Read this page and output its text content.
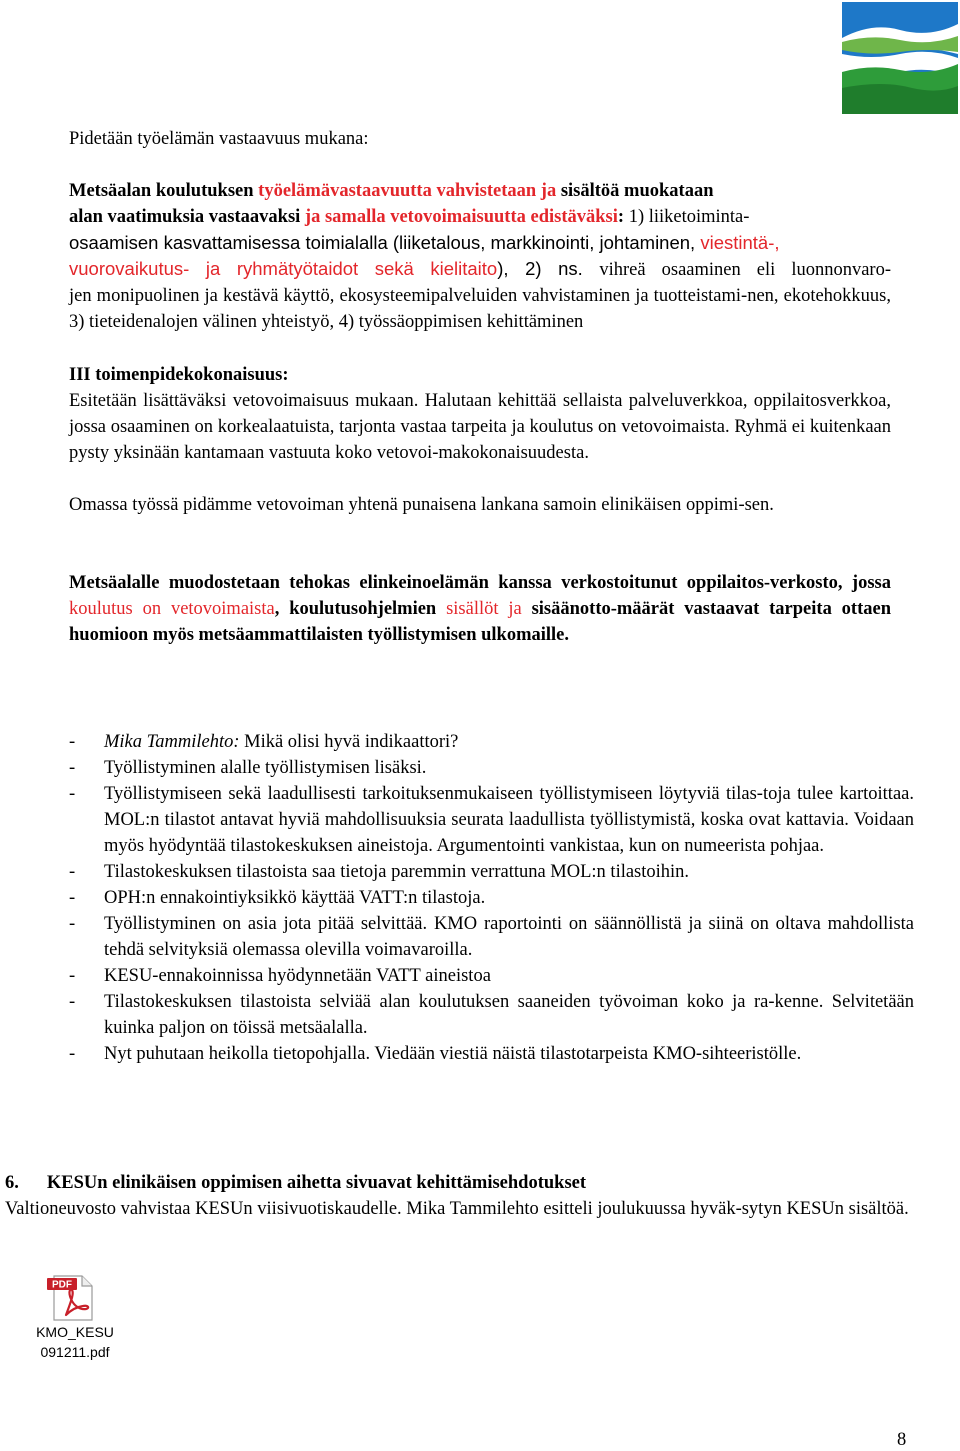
Pidetään työelämän vastaavuus mukana:

Metsäalan koulutuksen työelämävastaavuutta vahvistetaan ja sisältöä muokataan
alan vaatimuksia vastaavaksi ja samalla vetovoimaisuutta edistäväksi: 1) liiketoiminta-
osaamisen kasvattamisessa toimialalla (liiketalous, markkinointi, johtaminen, viestintä-,
vuorovaikutus- ja ryhmätyötaidot sekä kielitaito), 2) ns. vihreä osaaminen eli luonnonvaro-
jen monipuolinen ja kestävä käyttö, ekosysteemipalveluiden vahvistaminen ja tuotteistami-nen, ekotehokkuus, 3) tieteidenalojen välinen yhteistyö, 4) työssäoppimisen kehittäminen

III toimenpidekokonaisuus:

Esitetään lisättäväksi vetovoimaisuus mukaan. Halutaan kehittää sellaista palveluverkkoa, oppilaitosverkkoa, jossa osaaminen on korkealaatuista, tarjonta vastaa tarpeita ja koulutus on vetovoimaista. Ryhmä ei kuitenkaan pysty yksinään kantamaan vastuuta koko vetovoi-makokonaisuudesta.

Omassa työssä pidämme vetovoiman yhtenä punaisena lankana samoin elinikäisen oppimi-sen.

Metsäalalle muodostetaan tehokas elinkeinoelämän kanssa verkostoitunut oppilaitos-verkosto, jossa koulutus on vetovoimaista, koulutusohjelmien sisällöt ja sisäänotto-määrät vastaavat tarpeita ottaen huomioon myös metsäammattilaisten työllistymisen ulkomaille.

- Mika Tammilehto: Mikä olisi hyvä indikaattori?
- Työllistyminen alalle työllistymisen lisäksi.
- Työllistymiseen sekä laadullisesti tarkoituksenmukaiseen työllistymiseen löytyviä tilas-toja tulee kartoittaa. MOL:n tilastot antavat hyviä mahdollisuuksia seurata laadullista työllistymistä, koska ovat kattavia. Voidaan myös hyödyntää tilastokeskuksen aineistoja. Argumentointi vankistaa, kun on numeerista pohjaa.
- Tilastokeskuksen tilastoista saa tietoja paremmin verrattuna MOL:n tilastoihin.
- OPH:n ennakointiyksikkö käyttää VATT:n tilastoja.
- Työllistyminen on asia jota pitää selvittää. KMO raportointi on säännöllistä ja siinä on oltava mahdollista tehdä selvityksiä olemassa olevilla voimavaroilla.
- KESU-ennakoinnissa hyödynnetään VATT aineistoa
- Tilastokeskuksen tilastoista selviää alan koulutuksen saaneiden työvoiman koko ja ra-kenne. Selvitetään kuinka paljon on töissä metsäalalla.
- Nyt puhutaan heikolla tietopohjalla. Viedään viestiä näistä tilastotarpeista KMO-sihteeristölle.

6. KESUn elinikäisen oppimisen aihetta sivuavat kehittämisehdotukset

Valtioneuvosto vahvistaa KESUn viisivuotiskaudelle. Mika Tammilehto esitteli joulukuussa hyväk-sytyn KESUn sisältöä.

PDF
KMO_KESU
091211.pdf
8
